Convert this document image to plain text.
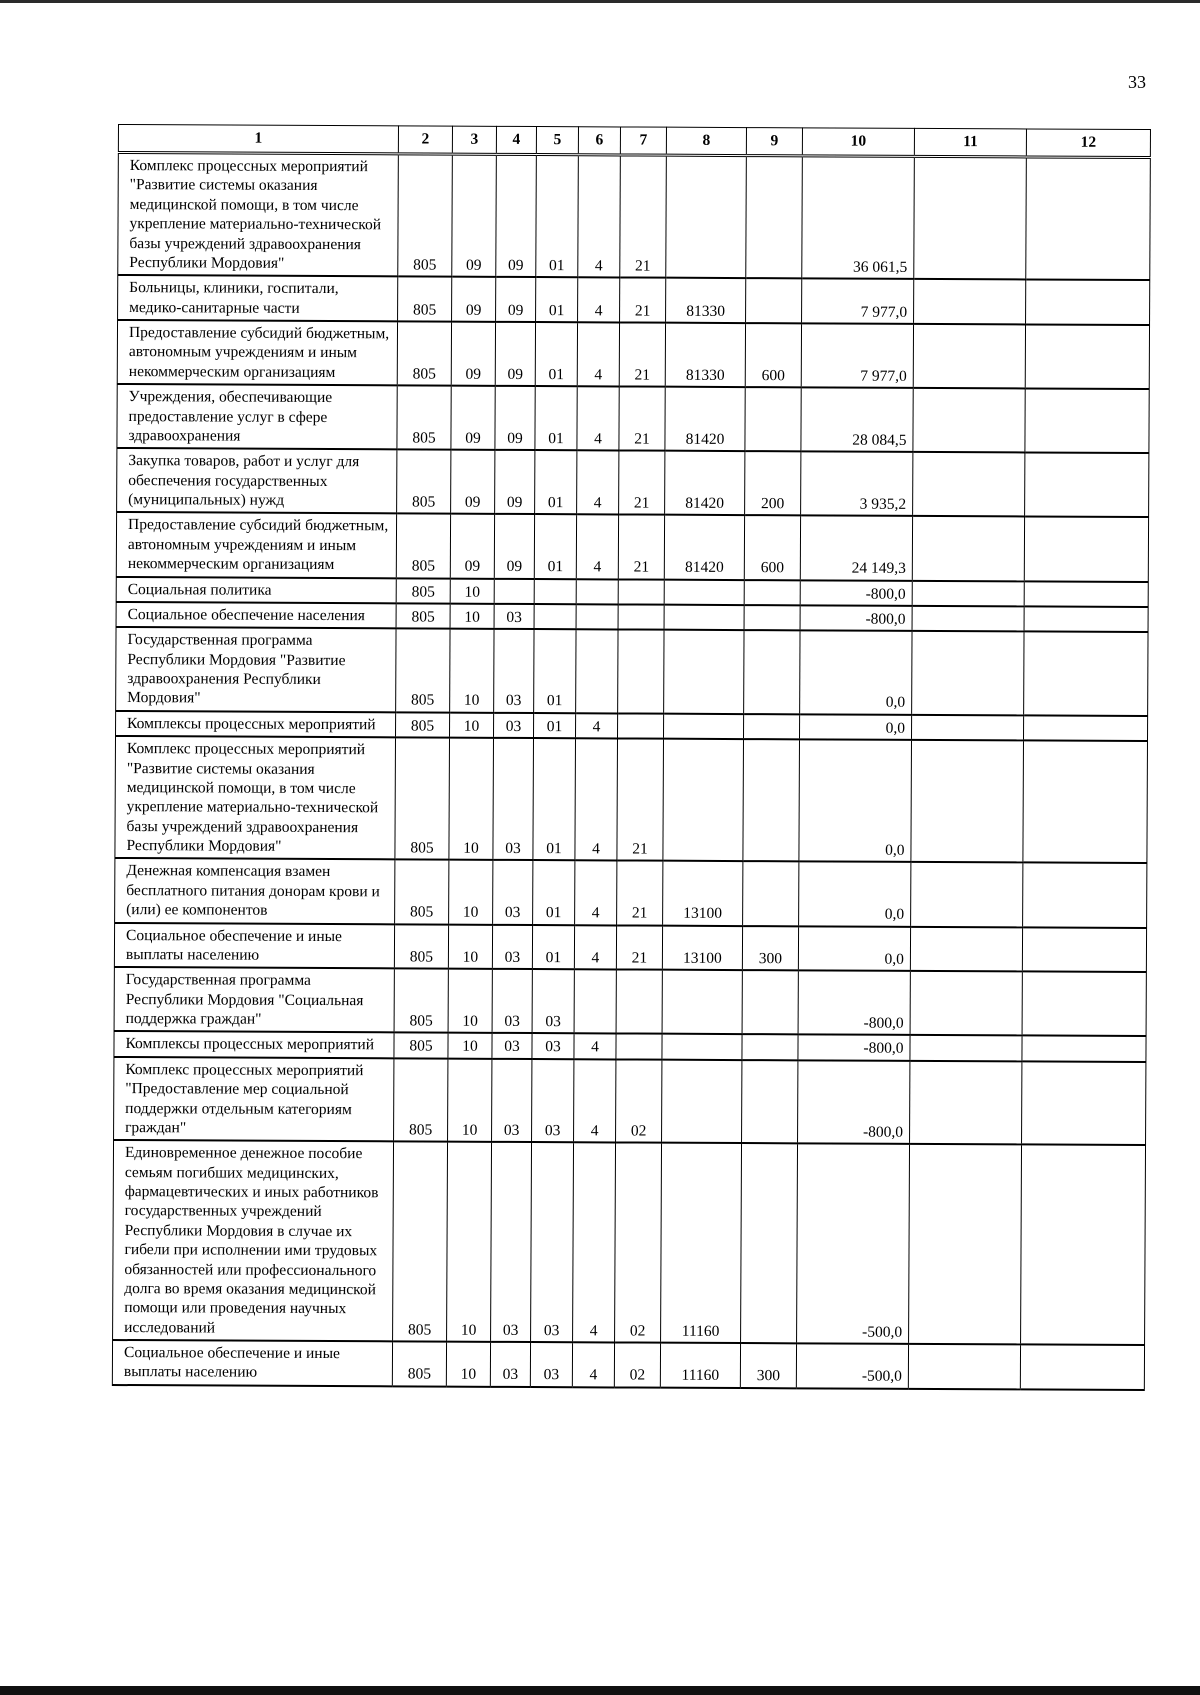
33
1	2	3	4	5	6	7	8	9	10	11	12
Комплекс процессных мероприятий "Развитие системы оказания медицинской помощи, в том числе укрепление материально-технической базы учреждений здравоохранения Республики Мордовия"	805	09	09	01	4	21			36 061,5		
Больницы, клиники, госпитали, медико-санитарные части	805	09	09	01	4	21	81330		7 977,0		
Предоставление субсидий бюджетным, автономным учреждениям и иным некоммерческим организациям	805	09	09	01	4	21	81330	600	7 977,0		
Учреждения, обеспечивающие предоставление услуг в сфере здравоохранения	805	09	09	01	4	21	81420		28 084,5		
Закупка товаров, работ и услуг для обеспечения государственных (муниципальных) нужд	805	09	09	01	4	21	81420	200	3 935,2		
Предоставление субсидий бюджетным, автономным учреждениям и иным некоммерческим организациям	805	09	09	01	4	21	81420	600	24 149,3		
Социальная политика	805	10							-800,0		
Социальное обеспечение населения	805	10	03						-800,0		
Государственная программа Республики Мордовия "Развитие здравоохранения Республики Мордовия"	805	10	03	01					0,0		
Комплексы процессных мероприятий	805	10	03	01	4				0,0		
Комплекс процессных мероприятий "Развитие системы оказания медицинской помощи, в том числе укрепление материально-технической базы учреждений здравоохранения Республики Мордовия"	805	10	03	01	4	21			0,0		
Денежная компенсация взамен бесплатного питания донорам крови и (или) ее компонентов	805	10	03	01	4	21	13100		0,0		
Социальное обеспечение и иные выплаты населению	805	10	03	01	4	21	13100	300	0,0		
Государственная программа Республики Мордовия "Социальная поддержка граждан"	805	10	03	03					-800,0		
Комплексы процессных мероприятий	805	10	03	03	4				-800,0		
Комплекс процессных мероприятий "Предоставление мер социальной поддержки отдельным категориям граждан"	805	10	03	03	4	02			-800,0		
Единовременное денежное пособие семьям погибших медицинских, фармацевтических и иных работников государственных учреждений Республики Мордовия в случае их гибели при исполнении ими трудовых обязанностей или профессионального долга во время оказания медицинской помощи или проведения научных исследований	805	10	03	03	4	02	11160		-500,0		
Социальное обеспечение и иные выплаты населению	805	10	03	03	4	02	11160	300	-500,0		
